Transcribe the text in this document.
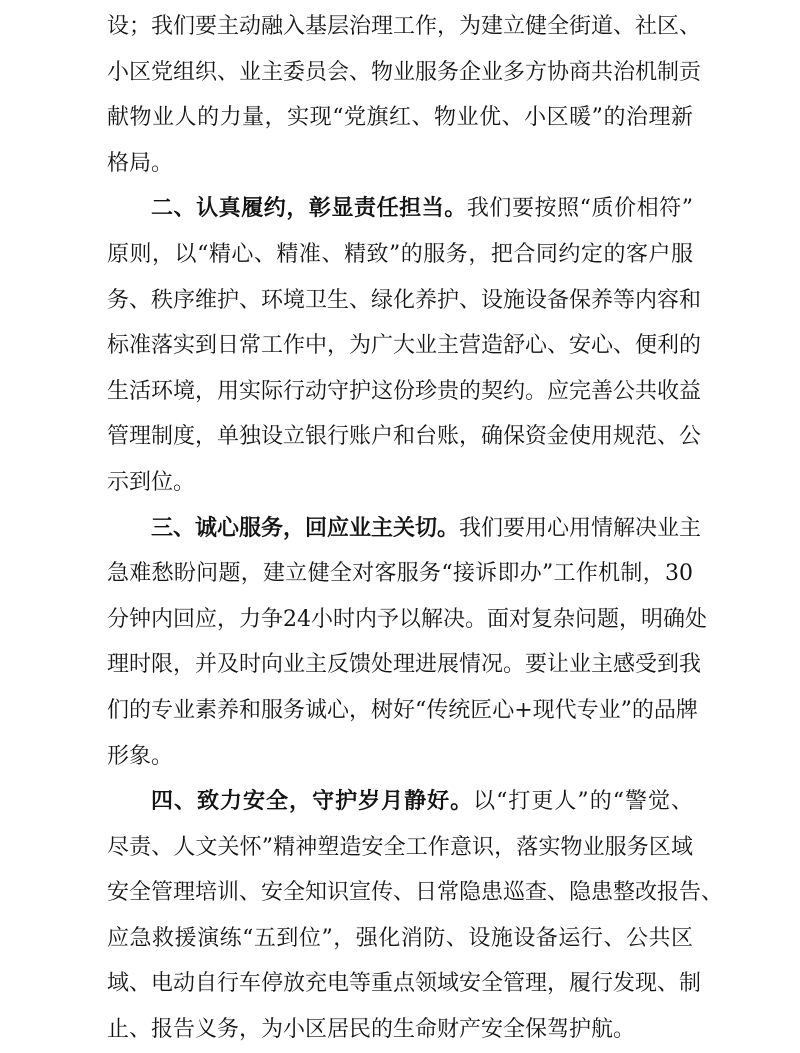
设；我们要主动融入基层治理工作，为建立健全街道、社区、
小区党组织、业主委员会、物业服务企业多方协商共治机制贡
献物业人的力量，实现“党旗红、物业优、小区暖”的治理新
格局。
二、认真履约，彰显责任担当。我们要按照“质价相符”
原则，以“精心、精准、精致”的服务，把合同约定的客户服
务、秩序维护、环境卫生、绿化养护、设施设备保养等内容和
标准落实到日常工作中，为广大业主营造舒心、安心、便利的
生活环境，用实际行动守护这份珍贵的契约。应完善公共收益
管理制度，单独设立银行账户和台账，确保资金使用规范、公
示到位。
三、诚心服务，回应业主关切。我们要用心用情解决业主
急难愁盼问题，建立健全对客服务“接诉即办”工作机制，30
分钟内回应，力争24小时内予以解决。面对复杂问题，明确处
理时限，并及时向业主反馈处理进展情况。要让业主感受到我
们的专业素养和服务诚心，树好“传统匠心+现代专业”的品牌
形象。
四、致力安全，守护岁月静好。以“打更人”的“警觉、
尽责、人文关怀”精神塑造安全工作意识，落实物业服务区域
安全管理培训、安全知识宣传、日常隐患巡查、隐患整改报告、
应急救援演练“五到位”，强化消防、设施设备运行、公共区
域、电动自行车停放充电等重点领域安全管理，履行发现、制
止、报告义务，为小区居民的生命财产安全保驾护航。
